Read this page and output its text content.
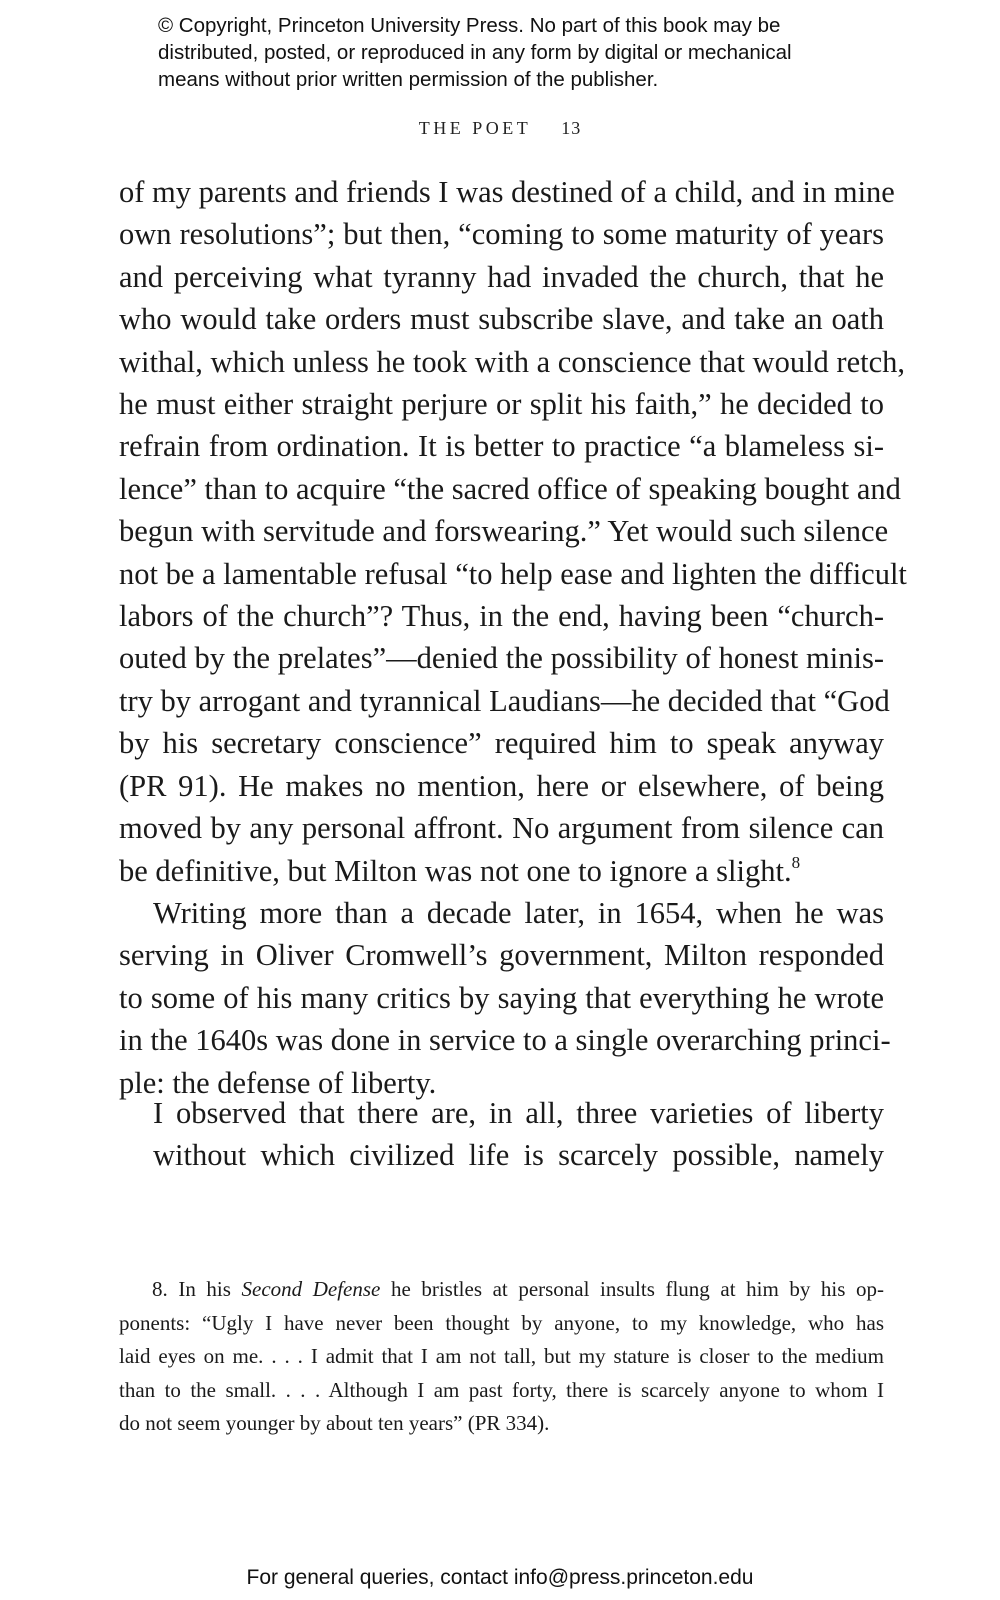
© Copyright, Princeton University Press. No part of this book may be
distributed, posted, or reproduced in any form by digital or mechanical
means without prior written permission of the publisher.
THE POET 13
of my parents and friends I was destined of a child, and in mine
own resolutions”; but then, “coming to some maturity of years
and perceiving what tyranny had invaded the church, that he
who would take orders must subscribe slave, and take an oath
withal, which unless he took with a conscience that would retch,
he must either straight perjure or split his faith,” he decided to
refrain from ordination. It is better to practice “a blameless si-
lence” than to acquire “the sacred office of speaking bought and
begun with servitude and forswearing.” Yet would such silence
not be a lamentable refusal “to help ease and lighten the difficult
labors of the church”? Thus, in the end, having been “church-
outed by the prelates”—denied the possibility of honest minis-
try by arrogant and tyrannical Laudians—he decided that “God
by his secretary conscience” required him to speak anyway
(PR 91). He makes no mention, here or elsewhere, of being
moved by any personal affront. No argument from silence can
be definitive, but Milton was not one to ignore a slight.$^8$
Writing more than a decade later, in 1654, when he was
serving in Oliver Cromwell’s government, Milton responded
to some of his many critics by saying that everything he wrote
in the 1640s was done in service to a single overarching princi-
ple: the defense of liberty.
I observed that there are, in all, three varieties of liberty
without which civilized life is scarcely possible, namely
8. In his Second Defense he bristles at personal insults flung at him by his op-
ponents: “Ugly I have never been thought by anyone, to my knowledge, who has
laid eyes on me. . . . I admit that I am not tall, but my stature is closer to the medium
than to the small. . . . Although I am past forty, there is scarcely anyone to whom I
do not seem younger by about ten years” (PR 334).
For general queries, contact info@press.princeton.edu
